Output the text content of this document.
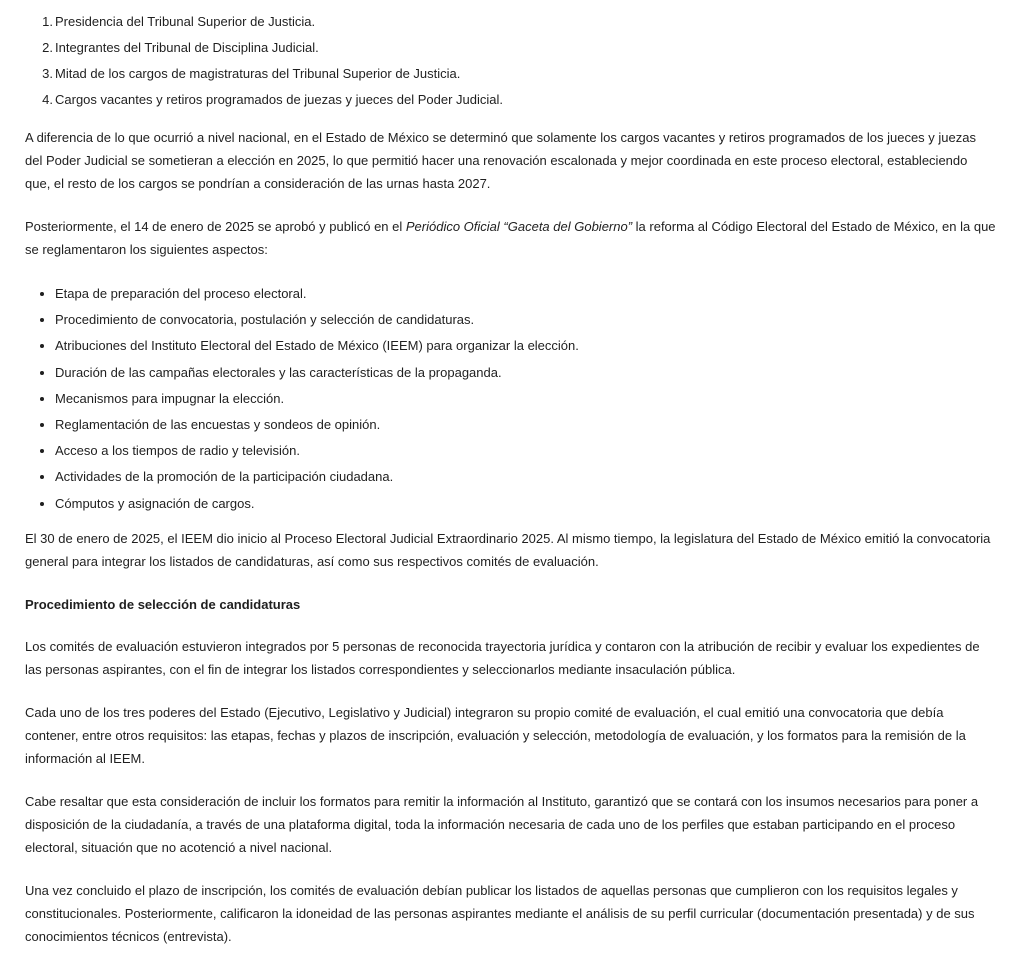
1. Presidencia del Tribunal Superior de Justicia.
2. Integrantes del Tribunal de Disciplina Judicial.
3. Mitad de los cargos de magistraturas del Tribunal Superior de Justicia.
4. Cargos vacantes y retiros programados de juezas y jueces del Poder Judicial.

A diferencia de lo que ocurrió a nivel nacional, en el Estado de México se determinó que solamente los cargos vacantes y retiros programados de los jueces y juezas del Poder Judicial se sometieran a elección en 2025, lo que permitió hacer una renovación escalonada y mejor coordinada en este proceso electoral, estableciendo que, el resto de los cargos se pondrían a consideración de las urnas hasta 2027.

Posteriormente, el 14 de enero de 2025 se aprobó y publicó en el Periódico Oficial “Gaceta del Gobierno” la reforma al Código Electoral del Estado de México, en la que se reglamentaron los siguientes aspectos:

Etapa de preparación del proceso electoral.
Procedimiento de convocatoria, postulación y selección de candidaturas.
Atribuciones del Instituto Electoral del Estado de México (IEEM) para organizar la elección.
Duración de las campañas electorales y las características de la propaganda.
Mecanismos para impugnar la elección.
Reglamentación de las encuestas y sondeos de opinión.
Acceso a los tiempos de radio y televisión.
Actividades de la promoción de la participación ciudadana.
Cómputos y asignación de cargos.

El 30 de enero de 2025, el IEEM dio inicio al Proceso Electoral Judicial Extraordinario 2025. Al mismo tiempo, la legislatura del Estado de México emitió la convocatoria general para integrar los listados de candidaturas, así como sus respectivos comités de evaluación.

Procedimiento de selección de candidaturas

Los comités de evaluación estuvieron integrados por 5 personas de reconocida trayectoria jurídica y contaron con la atribución de recibir y evaluar los expedientes de las personas aspirantes, con el fin de integrar los listados correspondientes y seleccionarlos mediante insaculación pública.

Cada uno de los tres poderes del Estado (Ejecutivo, Legislativo y Judicial) integraron su propio comité de evaluación, el cual emitió una convocatoria que debía contener, entre otros requisitos: las etapas, fechas y plazos de inscripción, evaluación y selección, metodología de evaluación, y los formatos para la remisión de la información al IEEM.

Cabe resaltar que esta consideración de incluir los formatos para remitir la información al Instituto, garantizó que se contará con los insumos necesarios para poner a disposición de la ciudadanía, a través de una plataforma digital, toda la información necesaria de cada uno de los perfiles que estaban participando en el proceso electoral, situación que no acotenció a nivel nacional.

Una vez concluido el plazo de inscripción, los comités de evaluación debían publicar los listados de aquellas personas que cumplieron con los requisitos legales y constitucionales. Posteriormente, calificaron la idoneidad de las personas aspirantes mediante el análisis de su perfil curricular (documentación presentada) y de sus conocimientos técnicos (entrevista).
